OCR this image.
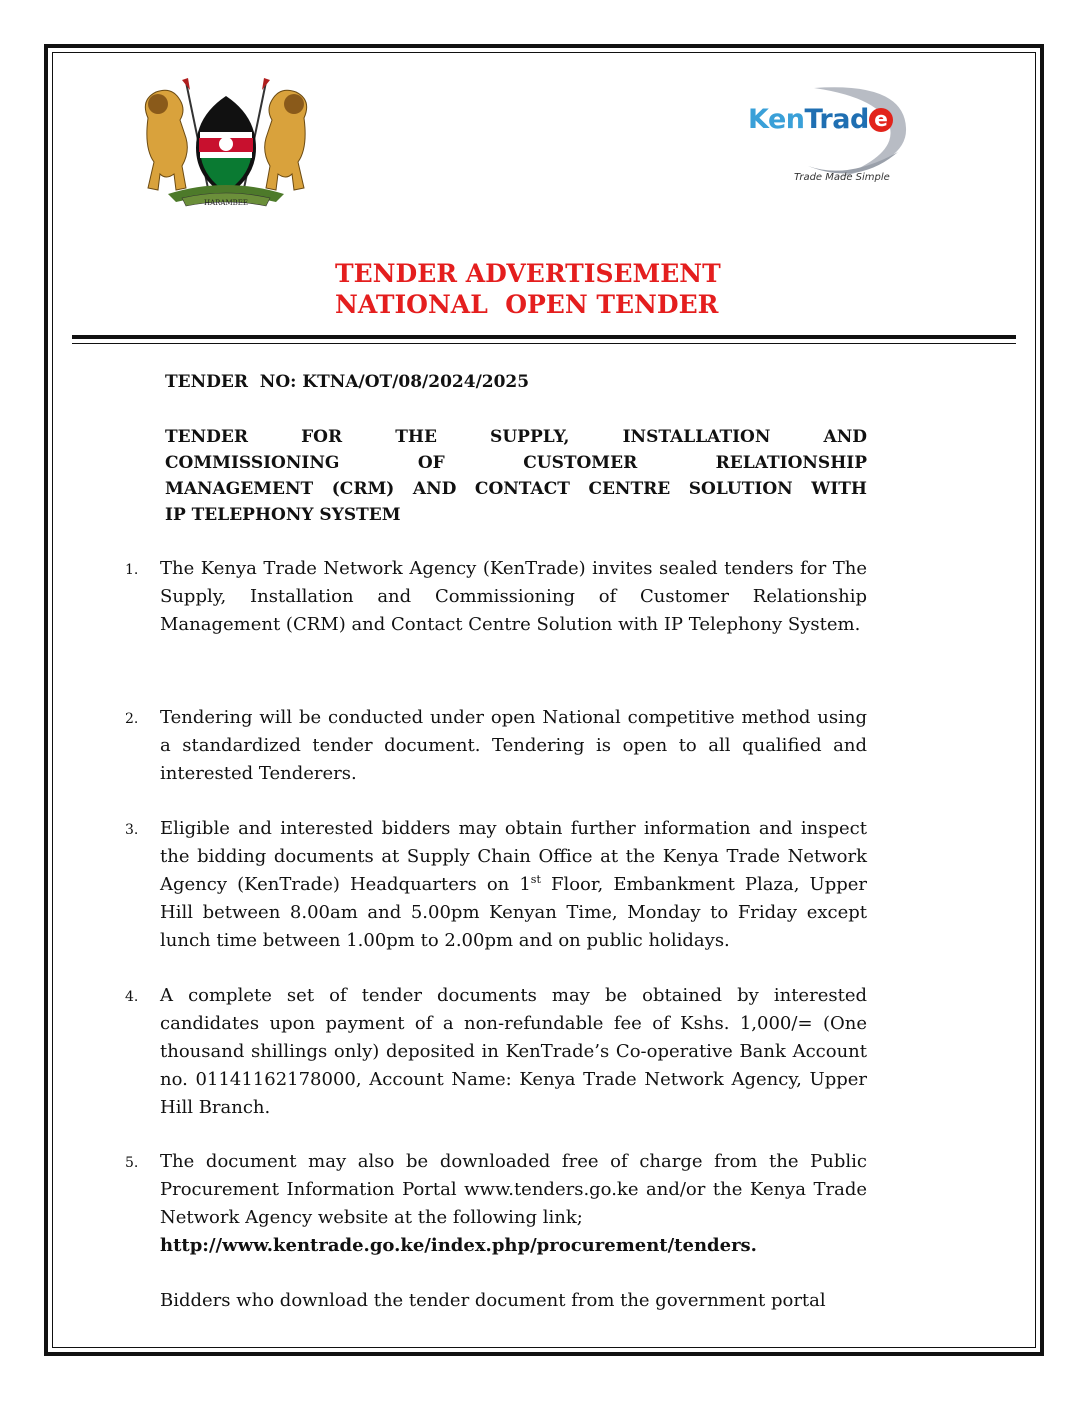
HARAMBEE
KenTrad e
Trade Made Simple
TENDER ADVERTISEMENT
NATIONAL  OPEN TENDER
TENDER  NO: KTNA/OT/08/2024/2025
TENDER FOR THE SUPPLY, INSTALLATION AND
COMMISSIONING OF CUSTOMER RELATIONSHIP
MANAGEMENT (CRM) AND CONTACT CENTRE SOLUTION WITH
IP TELEPHONY SYSTEM
1. The Kenya Trade Network Agency (KenTrade) invites sealed tenders for The Supply, Installation and Commissioning of Customer Relationship Management (CRM) and Contact Centre Solution with IP Telephony System.
2. Tendering will be conducted under open National competitive method using a standardized tender document. Tendering is open to all qualified and interested Tenderers.
3. Eligible and interested bidders may obtain further information and inspect the bidding documents at Supply Chain Office at the Kenya Trade Network Agency (KenTrade) Headquarters on 1st Floor, Embankment Plaza, Upper Hill between 8.00am and 5.00pm Kenyan Time, Monday to Friday except lunch time between 1.00pm to 2.00pm and on public holidays.
4. A complete set of tender documents may be obtained by interested candidates upon payment of a non-refundable fee of Kshs. 1,000/= (One thousand shillings only) deposited in KenTrade’s Co-operative Bank Account no. 01141162178000, Account Name: Kenya Trade Network Agency, Upper Hill Branch.
5. The document may also be downloaded free of charge from the Public Procurement Information Portal www.tenders.go.ke and/or the Kenya Trade Network Agency website at the following link;
http://www.kentrade.go.ke/index.php/procurement/tenders.
Bidders who download the tender document from the government portal
